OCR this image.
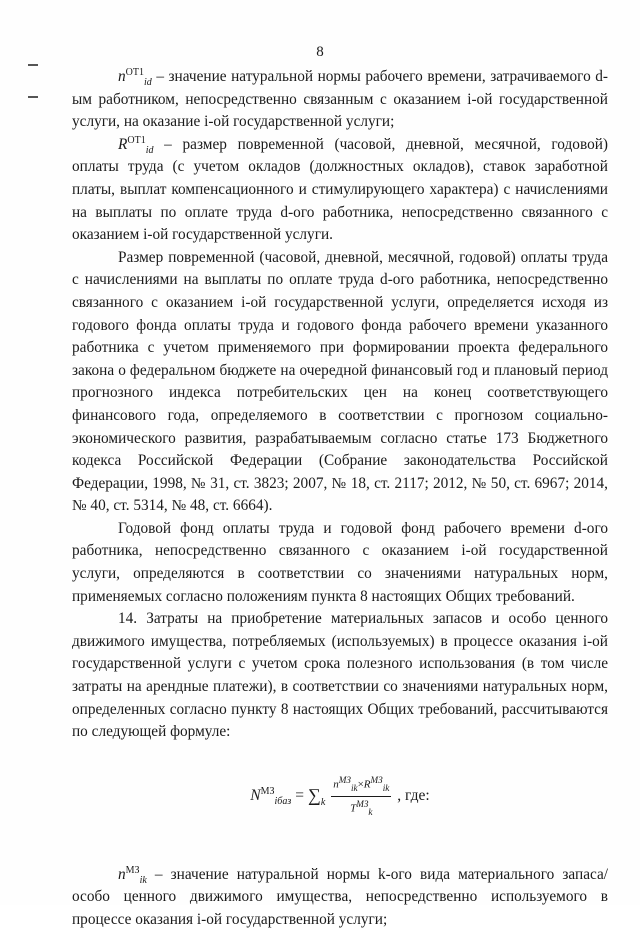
8

$n^{ОТ1}_{id}$ – значение натуральной нормы рабочего времени, затрачиваемого d-ым работником, непосредственно связанным с оказанием i-ой государственной услуги, на оказание i-ой государственной услуги;

$R^{ОТ1}_{id}$ – размер повременной (часовой, дневной, месячной, годовой) оплаты труда (с учетом окладов (должностных окладов), ставок заработной платы, выплат компенсационного и стимулирующего характера) с начислениями на выплаты по оплате труда d-ого работника, непосредственно связанного с оказанием i-ой государственной услуги.

Размер повременной (часовой, дневной, месячной, годовой) оплаты труда с начислениями на выплаты по оплате труда d-ого работника, непосредственно связанного с оказанием i-ой государственной услуги, определяется исходя из годового фонда оплаты труда и годового фонда рабочего времени указанного работника с учетом применяемого при формировании проекта федерального закона о федеральном бюджете на очередной финансовый год и плановый период прогнозного индекса потребительских цен на конец соответствующего финансового года, определяемого в соответствии с прогнозом социально-экономического развития, разрабатываемым согласно статье 173 Бюджетного кодекса Российской Федерации (Собрание законодательства Российской Федерации, 1998, № 31, ст. 3823; 2007, № 18, ст. 2117; 2012, № 50, ст. 6967; 2014, № 40, ст. 5314, № 48, ст. 6664).

Годовой фонд оплаты труда и годовой фонд рабочего времени d-ого работника, непосредственно связанного с оказанием i-ой государственной услуги, определяются в соответствии со значениями натуральных норм, применяемых согласно положениям пункта 8 настоящих Общих требований.

14. Затраты на приобретение материальных запасов и особо ценного движимого имущества, потребляемых (используемых) в процессе оказания i-ой государственной услуги с учетом срока полезного использования (в том числе затраты на арендные платежи), в соответствии со значениями натуральных норм, определенных согласно пункту 8 настоящих Общих требований, рассчитываются по следующей формуле:

$N^{МЗ}_{iбаз} = \sum_k \frac{n^{МЗ}_{ik}\times R^{МЗ}_{ik}}{T^{МЗ}_k}$ , где:

$n^{МЗ}_{ik}$ – значение натуральной нормы k-ого вида материального запаса/особо ценного движимого имущества, непосредственно используемого в процессе оказания i-ой государственной услуги;
